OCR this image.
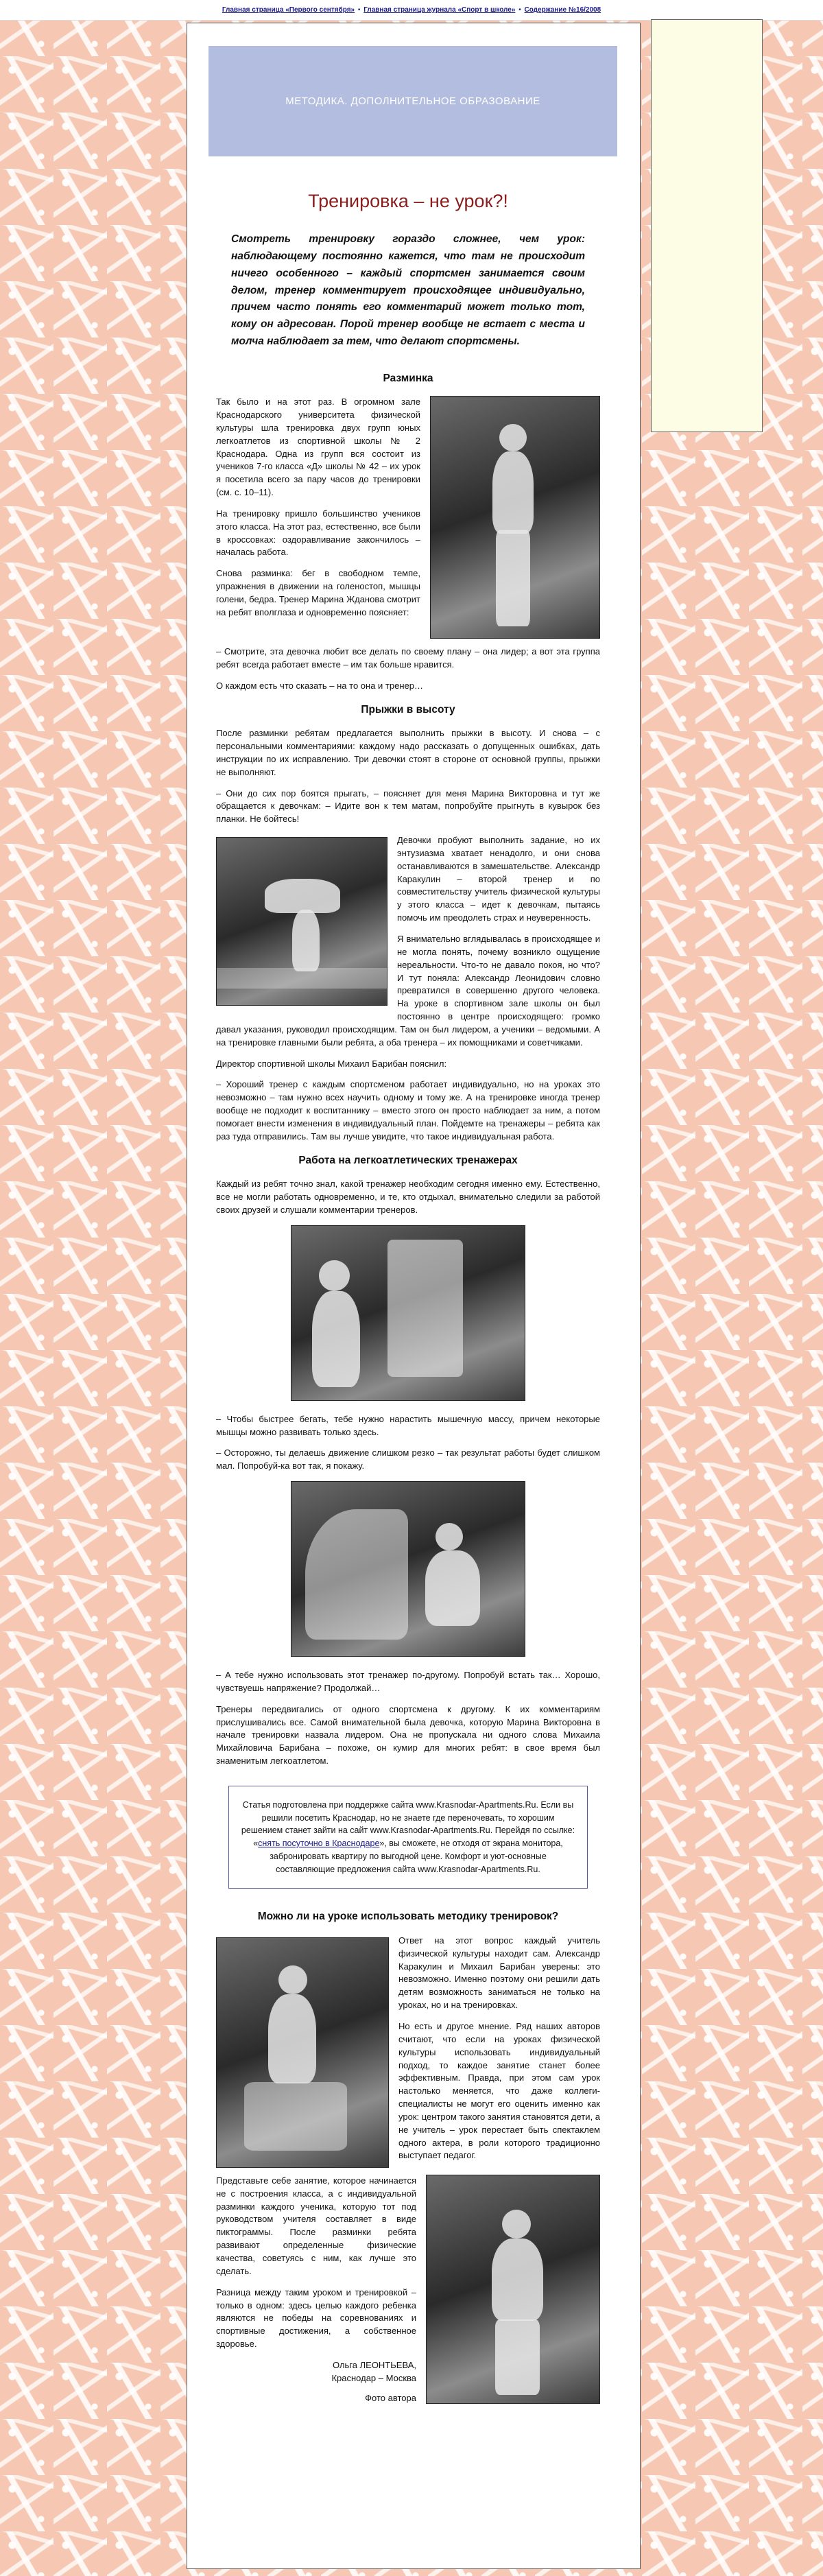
Главная страница «Первого сентября» • Главная страница журнала «Спорт в школе» • Содержание №16/2008
МЕТОДИКА. ДОПОЛНИТЕЛЬНОЕ ОБРАЗОВАНИЕ
Тренировка – не урок?!

Смотреть тренировку гораздо сложнее, чем урок: наблюдающему постоянно кажется, что там не происходит ничего особенного – каждый спортсмен занимается своим делом, тренер комментирует происходящее индивидуально, причем часто понять его комментарий может только тот, кому он адресован. Порой тренер вообще не встает с места и молча наблюдает за тем, что делают спортсмены.

Разминка

Так было и на этот раз. В огромном зале Краснодарского университета физической культуры шла тренировка двух групп юных легкоатлетов из спортивной школы № 2 Краснодара. Одна из групп вся состоит из учеников 7-го класса «Д» школы № 42 – их урок я посетила всего за пару часов до тренировки (см. с. 10–11).

На тренировку пришло большинство учеников этого класса. На этот раз, естественно, все были в кроссовках: оздоравливание закончилось – началась работа.

Снова разминка: бег в свободном темпе, упражнения в движении на голеностоп, мышцы голени, бедра. Тренер Марина Жданова смотрит на ребят вполглаза и одновременно поясняет:

– Смотрите, эта девочка любит все делать по своему плану – она лидер; а вот эта группа ребят всегда работает вместе – им так больше нравится.

О каждом есть что сказать – на то она и тренер…

Прыжки в высоту

После разминки ребятам предлагается выполнить прыжки в высоту. И снова – с персональными комментариями: каждому надо рассказать о допущенных ошибках, дать инструкции по их исправлению. Три девочки стоят в стороне от основной группы, прыжки не выполняют.

– Они до сих пор боятся прыгать, – поясняет для меня Марина Викторовна и тут же обращается к девочкам: – Идите вон к тем матам, попробуйте прыгнуть в кувырок без планки. Не бойтесь!

Девочки пробуют выполнить задание, но их энтузиазма хватает ненадолго, и они снова останавливаются в замешательстве. Александр Каракулин – второй тренер и по совместительству учитель физической культуры у этого класса – идет к девочкам, пытаясь помочь им преодолеть страх и неуверенность.

Я внимательно вглядывалась в происходящее и не могла понять, почему возникло ощущение нереальности. Что-то не давало покоя, но что? И тут поняла: Александр Леонидович словно превратился в совершенно другого человека. На уроке в спортивном зале школы он был постоянно в центре происходящего: громко давал указания, руководил происходящим. Там он был лидером, а ученики – ведомыми. А на тренировке главными были ребята, а оба тренера – их помощниками и советчиками.

Директор спортивной школы Михаил Барибан пояснил:

– Хороший тренер с каждым спортсменом работает индивидуально, но на уроках это невозможно – там нужно всех научить одному и тому же. А на тренировке иногда тренер вообще не подходит к воспитаннику – вместо этого он просто наблюдает за ним, а потом помогает внести изменения в индивидуальный план. Пойдемте на тренажеры – ребята как раз туда отправились. Там вы лучше увидите, что такое индивидуальная работа.

Работа на легкоатлетических тренажерах

Каждый из ребят точно знал, какой тренажер необходим сегодня именно ему. Естественно, все не могли работать одновременно, и те, кто отдыхал, внимательно следили за работой своих друзей и слушали комментарии тренеров.

– Чтобы быстрее бегать, тебе нужно нарастить мышечную массу, причем некоторые мышцы можно развивать только здесь.

– Осторожно, ты делаешь движение слишком резко – так результат работы будет слишком мал. Попробуй-ка вот так, я покажу.

– А тебе нужно использовать этот тренажер по-другому. Попробуй встать так… Хорошо, чувствуешь напряжение? Продолжай…

Тренеры передвигались от одного спортсмена к другому. К их комментариям прислушивались все. Самой внимательной была девочка, которую Марина Викторовна в начале тренировки назвала лидером. Она не пропускала ни одного слова Михаила Михайловича Барибана – похоже, он кумир для многих ребят: в свое время был знаменитым легкоатлетом.

Статья подготовлена при поддержке сайта www.Krasnodar-Apartments.Ru. Если вы решили посетить Краснодар, но не знаете где переночевать, то хорошим решением станет зайти на сайт www.Krasnodar-Apartments.Ru. Перейдя по ссылке: «снять посуточно в Краснодаре», вы сможете, не отходя от экрана монитора, забронировать квартиру по выгодной цене. Комфорт и уют-основные составляющие предложения сайта www.Krasnodar-Apartments.Ru.
Можно ли на уроке использовать методику тренировок?

Ответ на этот вопрос каждый учитель физической культуры находит сам. Александр Каракулин и Михаил Барибан уверены: это невозможно. Именно поэтому они решили дать детям возможность заниматься не только на уроках, но и на тренировках.

Но есть и другое мнение. Ряд наших авторов считают, что если на уроках физической культуры использовать индивидуальный подход, то каждое занятие станет более эффективным. Правда, при этом сам урок настолько меняется, что даже коллеги-специалисты не могут его оценить именно как урок: центром такого занятия становятся дети, а не учитель – урок перестает быть спектаклем одного актера, в роли которого традиционно выступает педагог.

Представьте себе занятие, которое начинается не с построения класса, а с индивидуальной разминки каждого ученика, которую тот под руководством учителя составляет в виде пиктограммы. После разминки ребята развивают определенные физические качества, советуясь с ним, как лучше это сделать.

Разница между таким уроком и тренировкой – только в одном: здесь целью каждого ребенка являются не победы на соревнованиях и спортивные достижения, а собственное здоровье.

Ольга ЛЕОНТЬЕВА,

Краснодар – Москва

Фото автора
